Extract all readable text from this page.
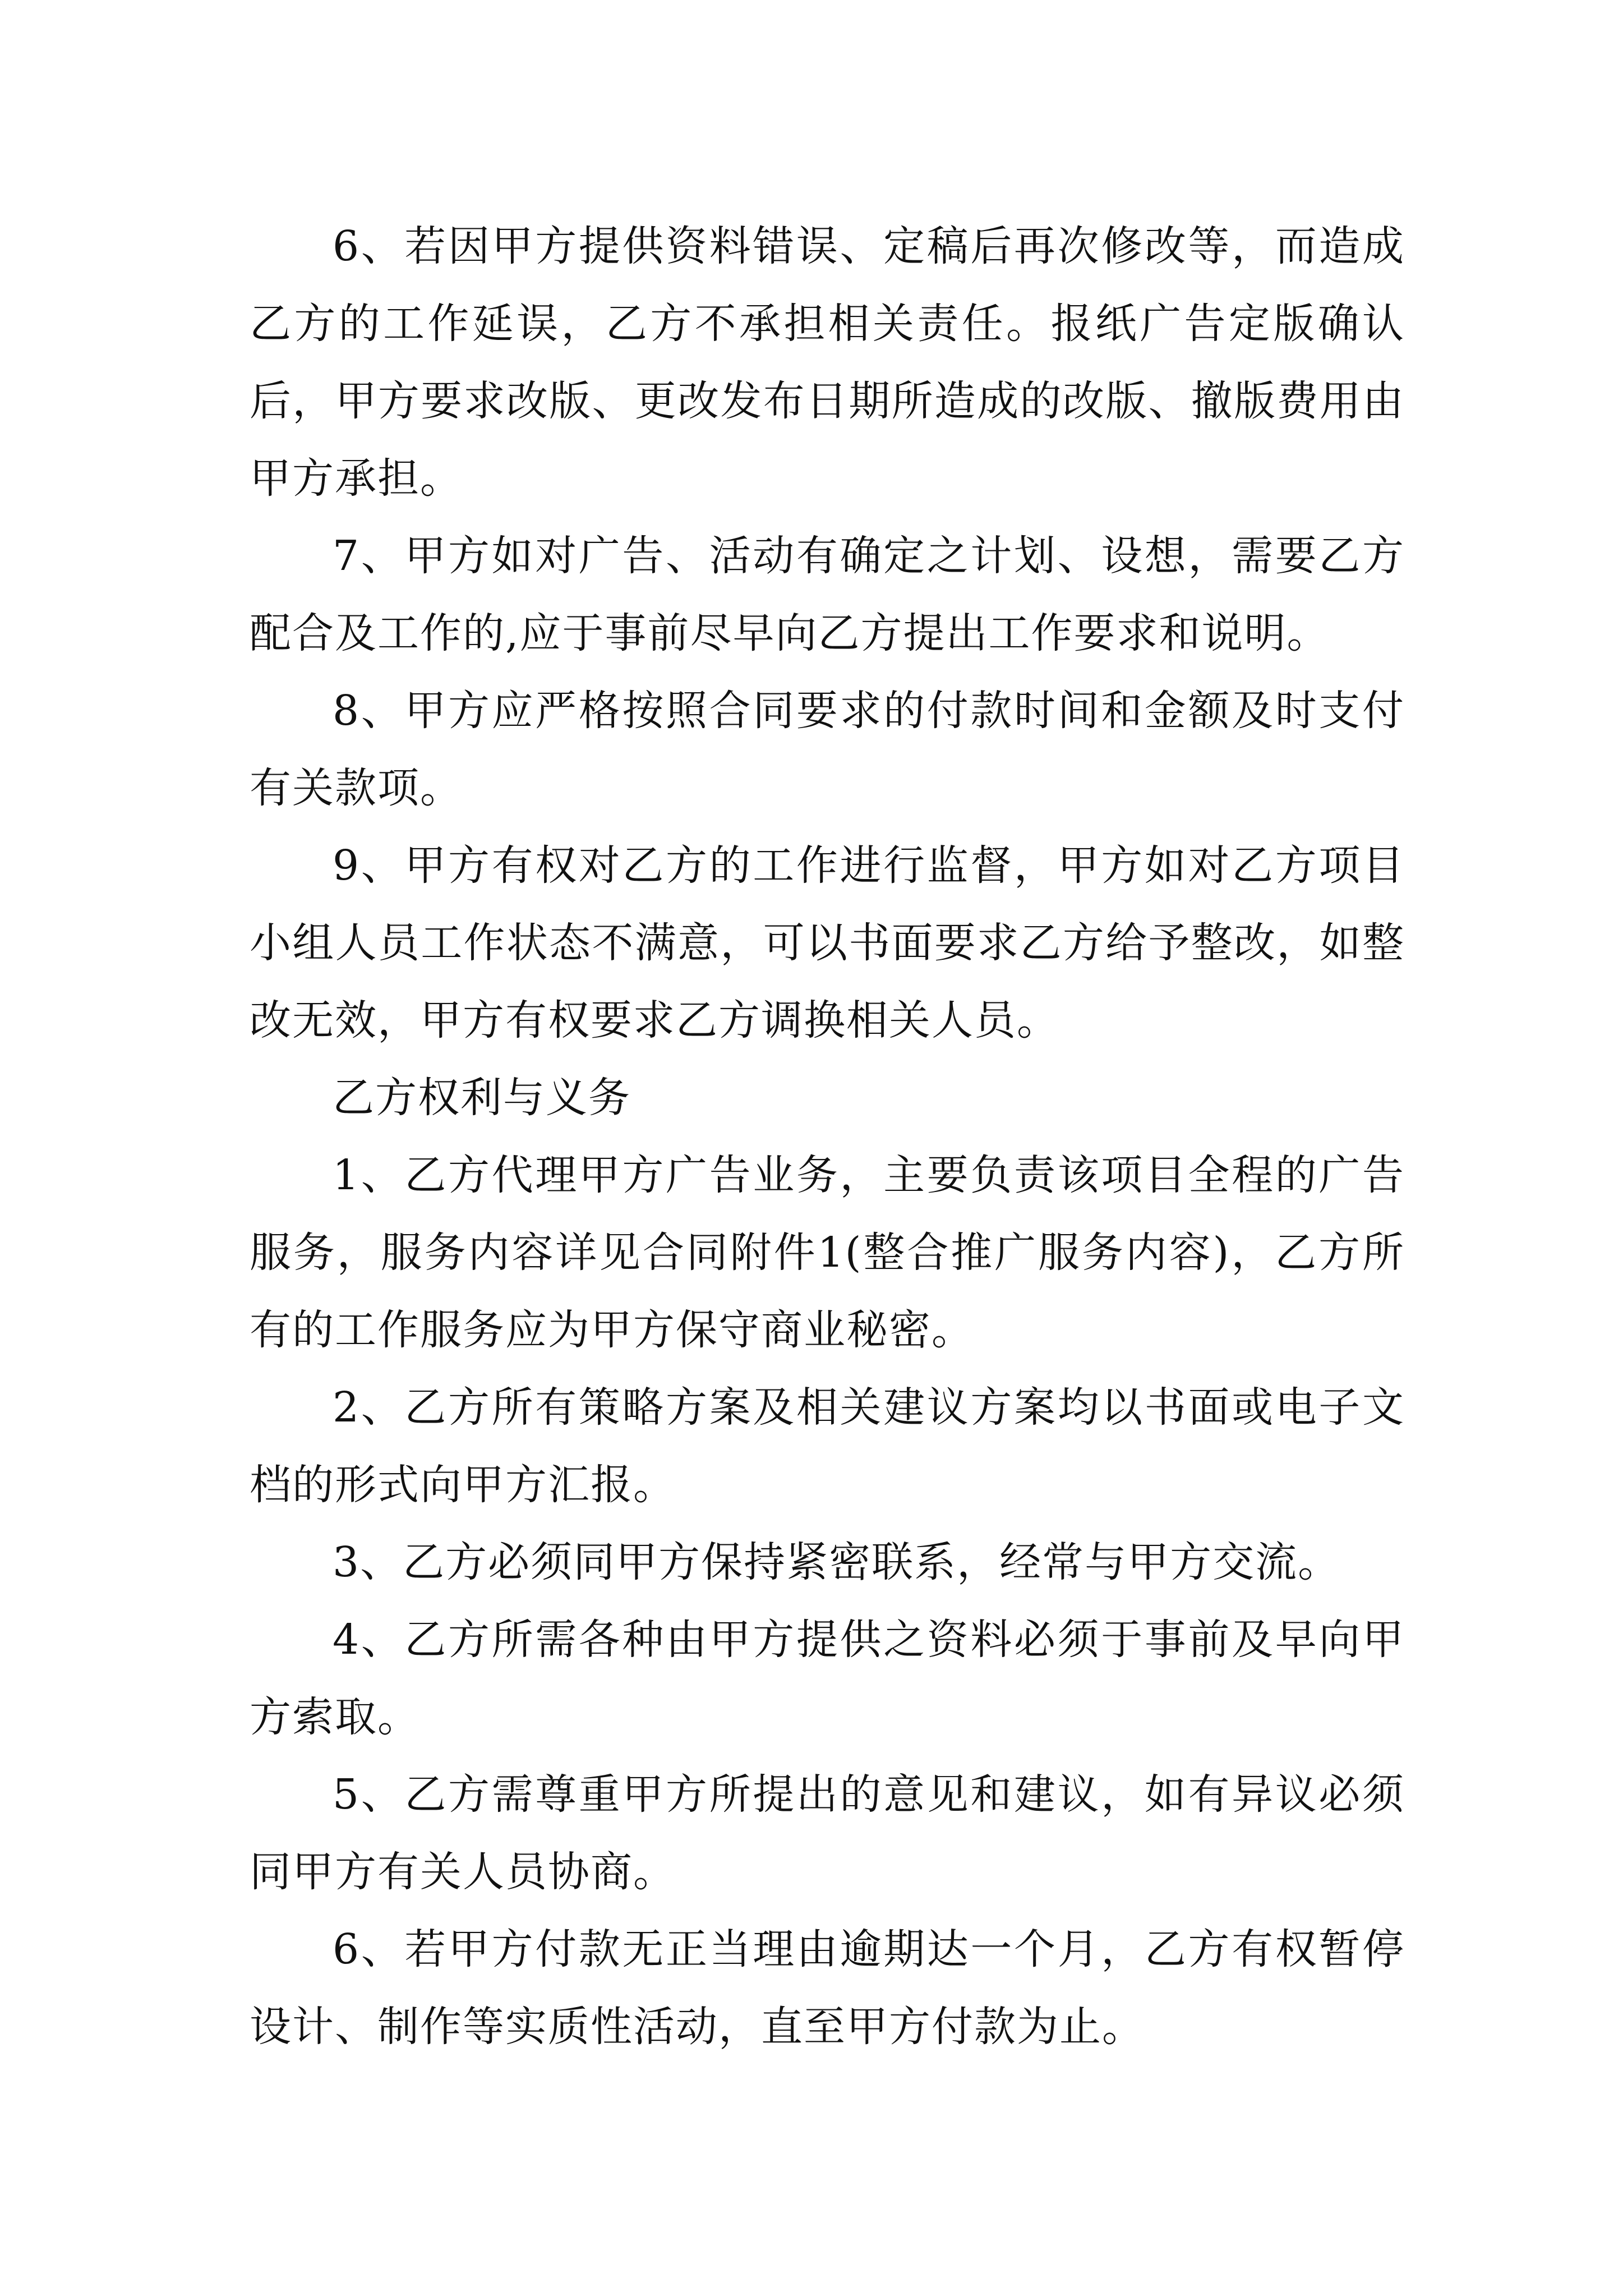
6、若因甲方提供资料错误、定稿后再次修改等，而造成乙方的工作延误，乙方不承担相关责任。报纸广告定版确认后，甲方要求改版、更改发布日期所造成的改版、撤版费用由甲方承担。

7、甲方如对广告、活动有确定之计划、设想，需要乙方配合及工作的,应于事前尽早向乙方提出工作要求和说明。

8、甲方应严格按照合同要求的付款时间和金额及时支付有关款项。

9、甲方有权对乙方的工作进行监督，甲方如对乙方项目小组人员工作状态不满意，可以书面要求乙方给予整改，如整改无效，甲方有权要求乙方调换相关人员。

乙方权利与义务

1、乙方代理甲方广告业务，主要负责该项目全程的广告服务，服务内容详见合同附件1(整合推广服务内容)，乙方所有的工作服务应为甲方保守商业秘密。

2、乙方所有策略方案及相关建议方案均以书面或电子文档的形式向甲方汇报。

3、乙方必须同甲方保持紧密联系，经常与甲方交流。

4、乙方所需各种由甲方提供之资料必须于事前及早向甲方索取。

5、乙方需尊重甲方所提出的意见和建议，如有异议必须同甲方有关人员协商。

6、若甲方付款无正当理由逾期达一个月，乙方有权暂停设计、制作等实质性活动，直至甲方付款为止。
